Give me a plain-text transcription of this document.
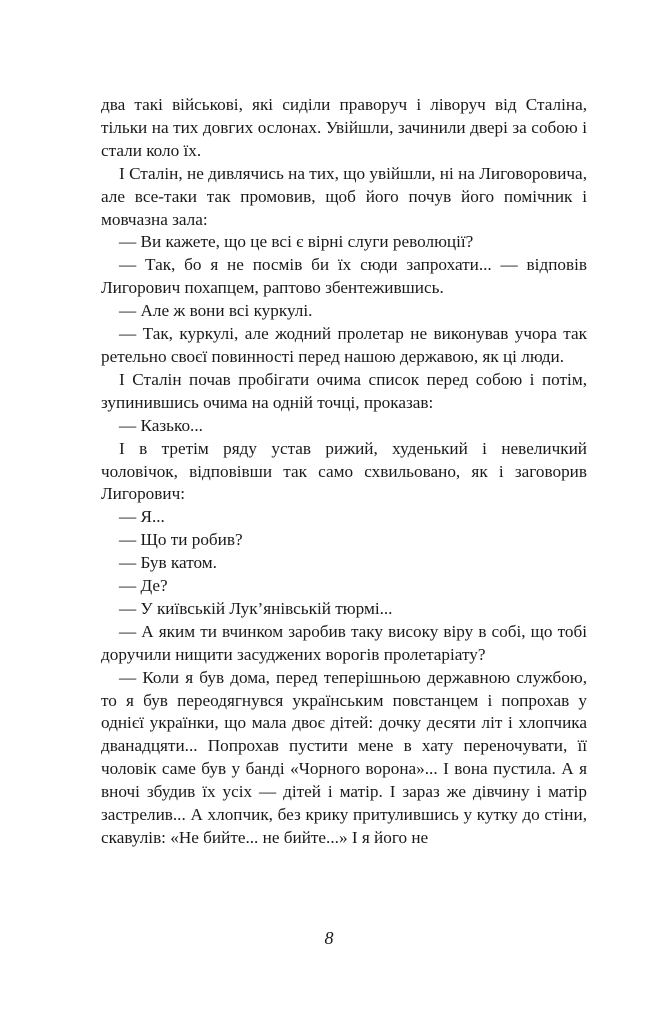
два такі військові, які сиділи праворуч і ліворуч від Сталіна, тільки на тих довгих ослонах. Увійшли, зачинили двері за собою і стали коло їх.

І Сталін, не дивлячись на тих, що увійшли, ні на Лиговоровича, але все-таки так промовив, щоб його почув його помічник і мовчазна зала:

— Ви кажете, що це всі є вірні слуги революції?

— Так, бо я не посмів би їх сюди запрохати... — відповів Лигорович похапцем, раптово збентежившись.

— Але ж вони всі куркулі.

— Так, куркулі, але жодний пролетар не виконував учора так ретельно своєї повинності перед нашою державою, як ці люди.

І Сталін почав пробігати очима список перед собою і потім, зупинившись очима на одній точці, проказав:

— Казько...

І в третім ряду устав рижий, худенький і невеличкий чоловічок, відповівши так само схвильовано, як і заговорив Лигорович:

— Я...

— Що ти робив?

— Був катом.

— Де?

— У київській Лук’янівській тюрмі...

— А яким ти вчинком заробив таку високу віру в собі, що тобі доручили нищити засуджених ворогів пролетаріату?

— Коли я був дома, перед теперішньою державною службою, то я був переодягнувся українським повстанцем і попрохав у однієї українки, що мала двоє дітей: дочку десяти літ і хлопчика дванадцяти... Попрохав пустити мене в хату переночувати, її чоловік саме був у банді «Чорного ворона»... І вона пустила. А я вночі збудив їх усіх — дітей і матір. І зараз же дівчину і матір застрелив... А хлопчик, без крику притулившись у кутку до стіни, скавулів: «Не бийте... не бийте...» І я його не

8
